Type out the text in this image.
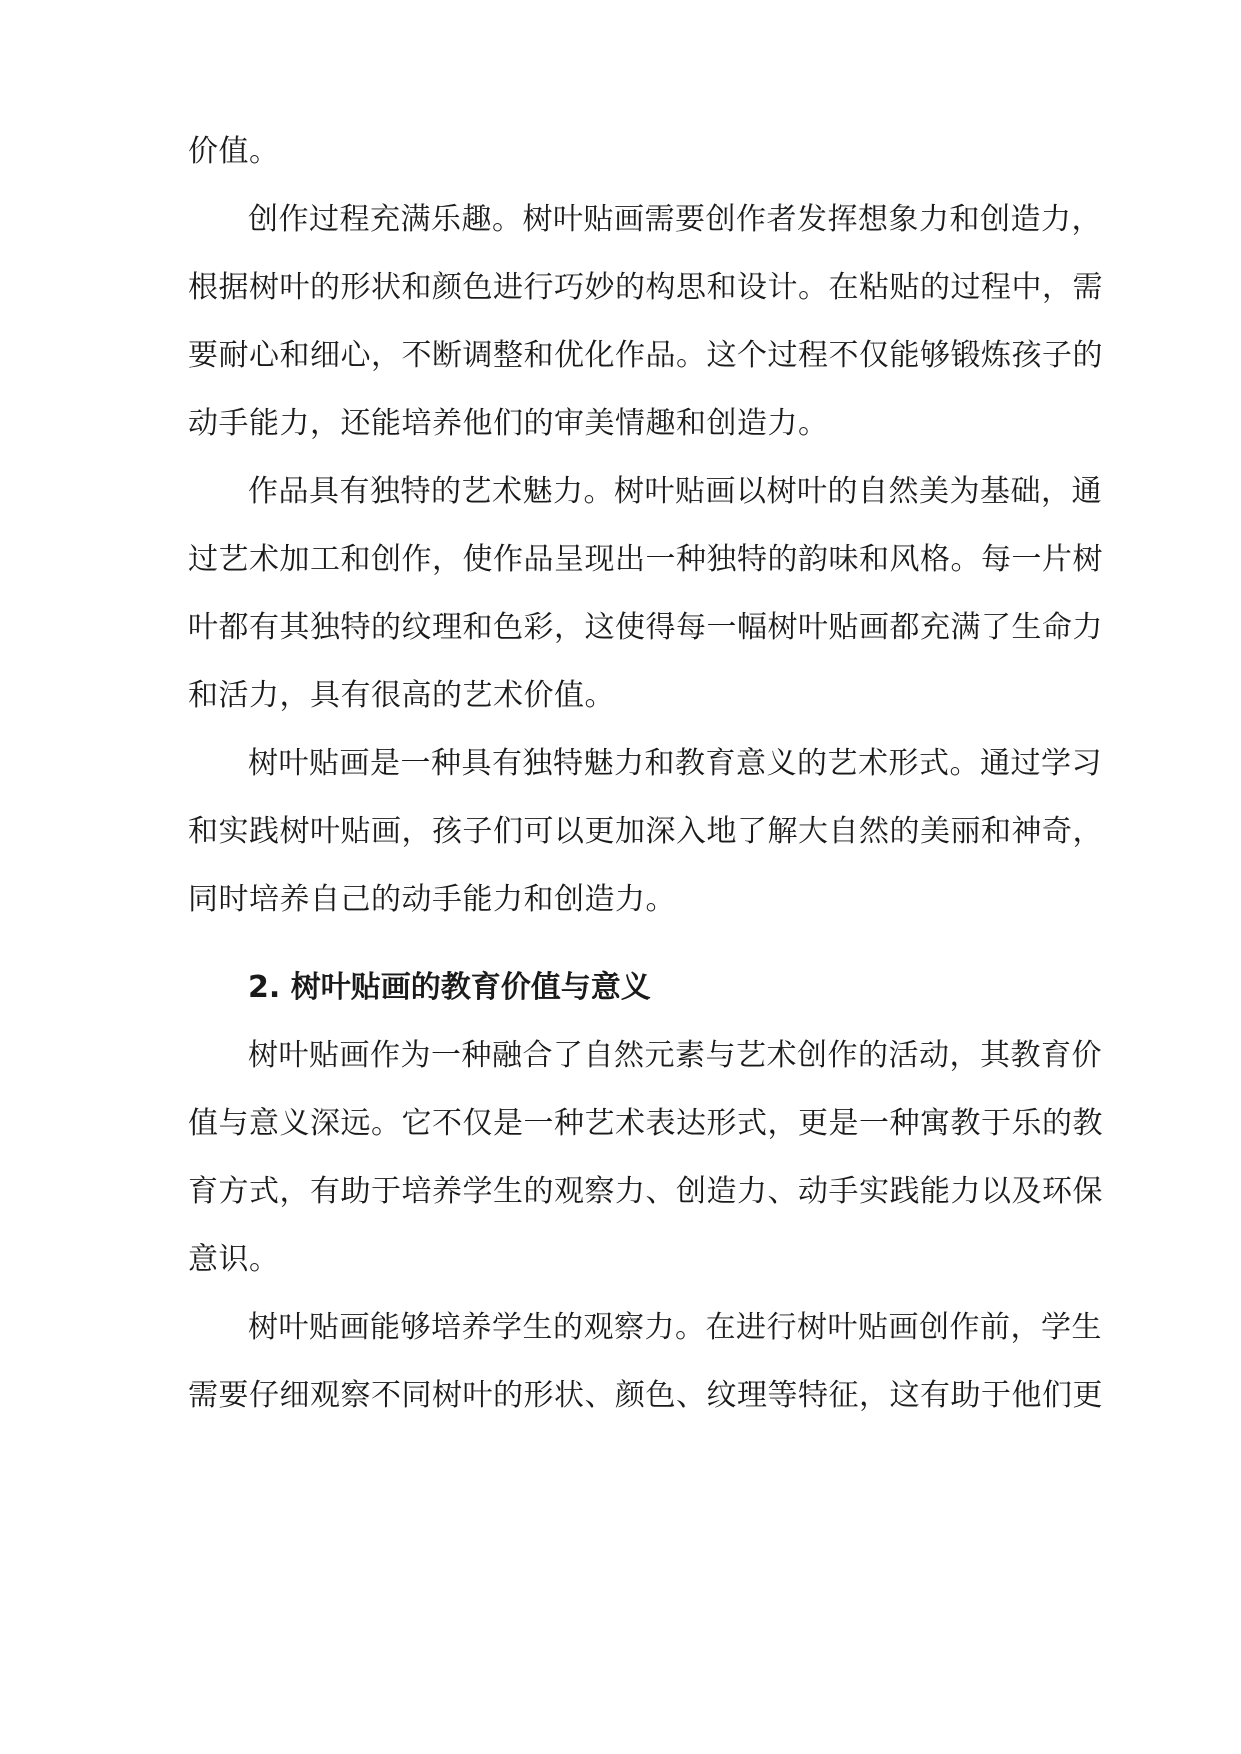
价值。
创作过程充满乐趣。树叶贴画需要创作者发挥想象力和创造力，
根据树叶的形状和颜色进行巧妙的构思和设计。在粘贴的过程中，需
要耐心和细心，不断调整和优化作品。这个过程不仅能够锻炼孩子的
动手能力，还能培养他们的审美情趣和创造力。
作品具有独特的艺术魅力。树叶贴画以树叶的自然美为基础，通
过艺术加工和创作，使作品呈现出一种独特的韵味和风格。每一片树
叶都有其独特的纹理和色彩，这使得每一幅树叶贴画都充满了生命力
和活力，具有很高的艺术价值。
树叶贴画是一种具有独特魅力和教育意义的艺术形式。通过学习
和实践树叶贴画，孩子们可以更加深入地了解大自然的美丽和神奇，
同时培养自己的动手能力和创造力。
2. 树叶贴画的教育价值与意义
树叶贴画作为一种融合了自然元素与艺术创作的活动，其教育价
值与意义深远。它不仅是一种艺术表达形式，更是一种寓教于乐的教
育方式，有助于培养学生的观察力、创造力、动手实践能力以及环保
意识。
树叶贴画能够培养学生的观察力。在进行树叶贴画创作前，学生
需要仔细观察不同树叶的形状、颜色、纹理等特征，这有助于他们更
